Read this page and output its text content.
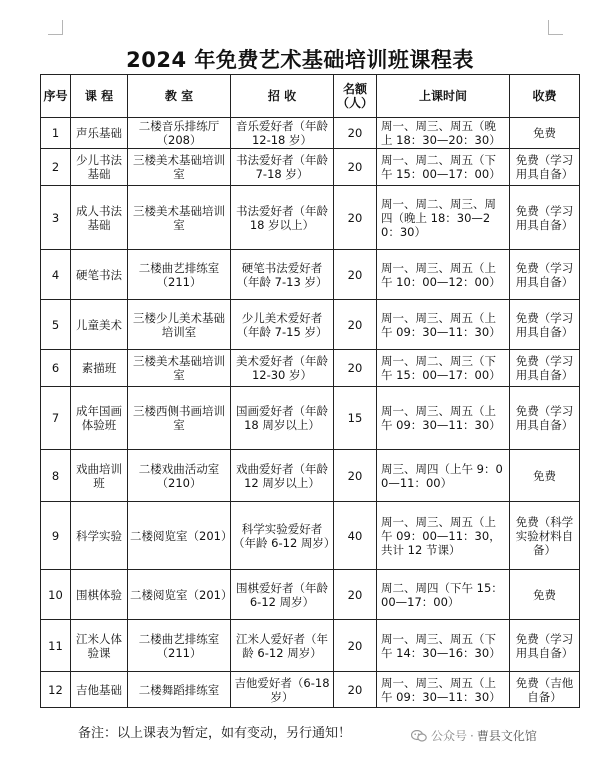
2024 年免费艺术基础培训班课程表
序号	课 程	教 室	招 收	名额（人）	上课时间	收费
1	声乐基础	二楼音乐排练厅（208）	音乐爱好者（年龄 12-18 岁）	20	周一、周三、周五（晚上 18：30—20：30）	免费
2	少儿书法基础	三楼美术基础培训室	书法爱好者（年龄 7-18 岁）	20	周一、周二、周五（下午 15：00—17：00）	免费（学习用具自备）
3	成人书法基础	三楼美术基础培训室	书法爱好者（年龄 18 岁以上）	20	周一、周二、周三、周四（晚上 18：30—20：30）	免费（学习用具自备）
4	硬笔书法	二楼曲艺排练室（211）	硬笔书法爱好者（年龄 7-13 岁）	20	周一、周三、周五（上午 10：00—12：00）	免费（学习用具自备）
5	儿童美术	三楼少儿美术基础培训室	少儿美术爱好者（年龄 7-15 岁）	20	周一、周三、周五（上午 09：30—11：30）	免费（学习用具自备）
6	素描班	三楼美术基础培训室	美术爱好者（年龄 12-30 岁）	20	周一、周二、周三（下午 15：00—17：00）	免费（学习用具自备）
7	成年国画体验班	三楼西侧书画培训室	国画爱好者（年龄 18 周岁以上）	15	周一、周三、周五（上午 09：30—11：30）	免费（学习用具自备）
8	戏曲培训班	二楼戏曲活动室（210）	戏曲爱好者（年龄 12 周岁以上）	20	周三、周四（上午 9：00—11：00）	免费
9	科学实验	二楼阅览室（201）	科学实验爱好者（年龄 6-12 周岁）	40	周一、周三、周五（上午 09：00—11：30，共计 12 节课）	免费（科学实验材料自备）
10	围棋体验	二楼阅览室（201）	围棋爱好者（年龄 6-12 周岁）	20	周二、周四（下午 15：00—17：00）	免费
11	江米人体验课	二楼曲艺排练室（211）	江米人爱好者（年龄 6-12 周岁）	20	周一、周三、周五（下午 14：30—16：30）	免费（学习用具自备）
12	吉他基础	二楼舞蹈排练室	吉他爱好者（6-18 岁）	20	周一、周三、周五（上午 09：30—11：30）	免费（吉他自备）
备注：以上课表为暂定，如有变动，另行通知！	公众号 · 曹县文化馆
